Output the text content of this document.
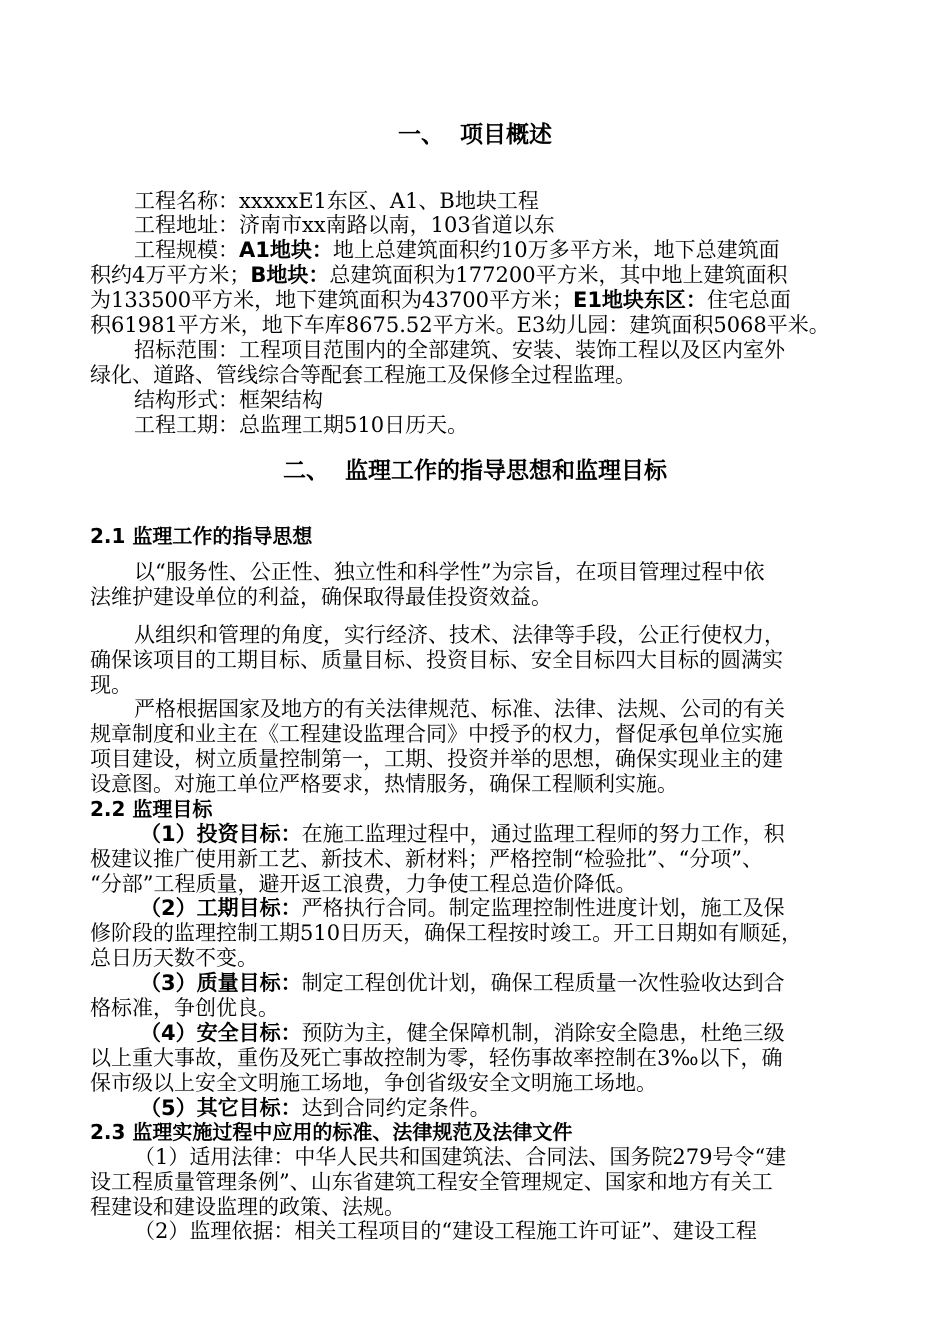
一、  项目概述
工程名称：xxxxxE1东区、A1、B地块工程
工程地址：济南市xx南路以南，103省道以东
工程规模：A1地块：地上总建筑面积约10万多平方米，地下总建筑面
积约4万平方米；B地块：总建筑面积为177200平方米，其中地上建筑面积
为133500平方米，地下建筑面积为43700平方米；E1地块东区：住宅总面
积61981平方米，地下车库8675.52平方米。E3幼儿园：建筑面积5068平米。
招标范围：工程项目范围内的全部建筑、安装、装饰工程以及区内室外
绿化、道路、管线综合等配套工程施工及保修全过程监理。
结构形式：框架结构
工程工期：总监理工期510日历天。
二、  监理工作的指导思想和监理目标
2.1 监理工作的指导思想
以“服务性、公正性、独立性和科学性”为宗旨，在项目管理过程中依
法维护建设单位的利益，确保取得最佳投资效益。
从组织和管理的角度，实行经济、技术、法律等手段，公正行使权力，
确保该项目的工期目标、质量目标、投资目标、安全目标四大目标的圆满实
现。
严格根据国家及地方的有关法律规范、标准、法律、法规、公司的有关
规章制度和业主在《工程建设监理合同》中授予的权力，督促承包单位实施
项目建设，树立质量控制第一，工期、投资并举的思想，确保实现业主的建
设意图。对施工单位严格要求，热情服务，确保工程顺利实施。
2.2 监理目标
（1）投资目标：在施工监理过程中，通过监理工程师的努力工作，积
极建议推广使用新工艺、新技术、新材料；严格控制“检验批”、“分项”、
“分部”工程质量，避开返工浪费，力争使工程总造价降低。
（2）工期目标：严格执行合同。制定监理控制性进度计划，施工及保
修阶段的监理控制工期510日历天，确保工程按时竣工。开工日期如有顺延，
总日历天数不变。
（3）质量目标：制定工程创优计划，确保工程质量一次性验收达到合
格标准，争创优良。
（4）安全目标：预防为主，健全保障机制，消除安全隐患，杜绝三级
以上重大事故，重伤及死亡事故控制为零，轻伤事故率控制在3‰以下，确
保市级以上安全文明施工场地，争创省级安全文明施工场地。
（5）其它目标：达到合同约定条件。
2.3 监理实施过程中应用的标准、法律规范及法律文件
（1）适用法律：中华人民共和国建筑法、合同法、国务院279号令“建
设工程质量管理条例”、山东省建筑工程安全管理规定、国家和地方有关工
程建设和建设监理的政策、法规。
（2）监理依据：相关工程项目的“建设工程施工许可证”、建设工程
